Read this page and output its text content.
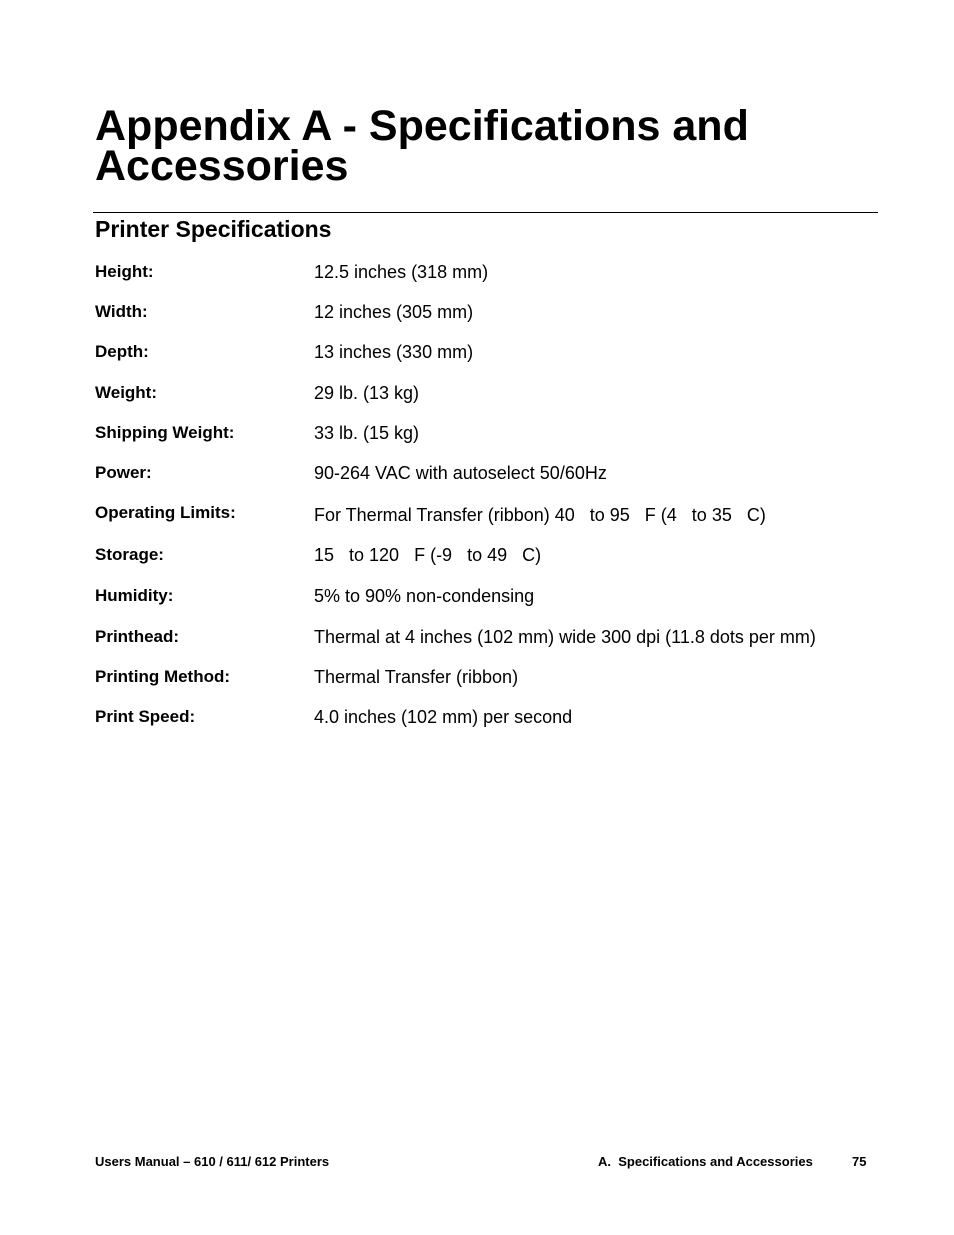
Appendix A - Specifications and Accessories
Printer Specifications
Height:	12.5 inches (318 mm)
Width:	12 inches (305 mm)
Depth:	13 inches (330 mm)
Weight:	29 lb. (13 kg)
Shipping Weight:	33 lb. (15 kg)
Power:	90-264 VAC with autoselect 50/60Hz
Operating Limits:	For Thermal Transfer (ribbon) 40   to 95   F (4   to 35   C)
Storage:	15   to 120   F (-9   to 49   C)
Humidity:	5% to 90% non-condensing
Printhead:	Thermal at 4 inches (102 mm) wide 300 dpi (11.8 dots per mm)
Printing Method:	Thermal Transfer (ribbon)
Print Speed:	4.0 inches (102 mm) per second
Users Manual – 610 / 611/ 612 Printers	A.  Specifications and Accessories	75
